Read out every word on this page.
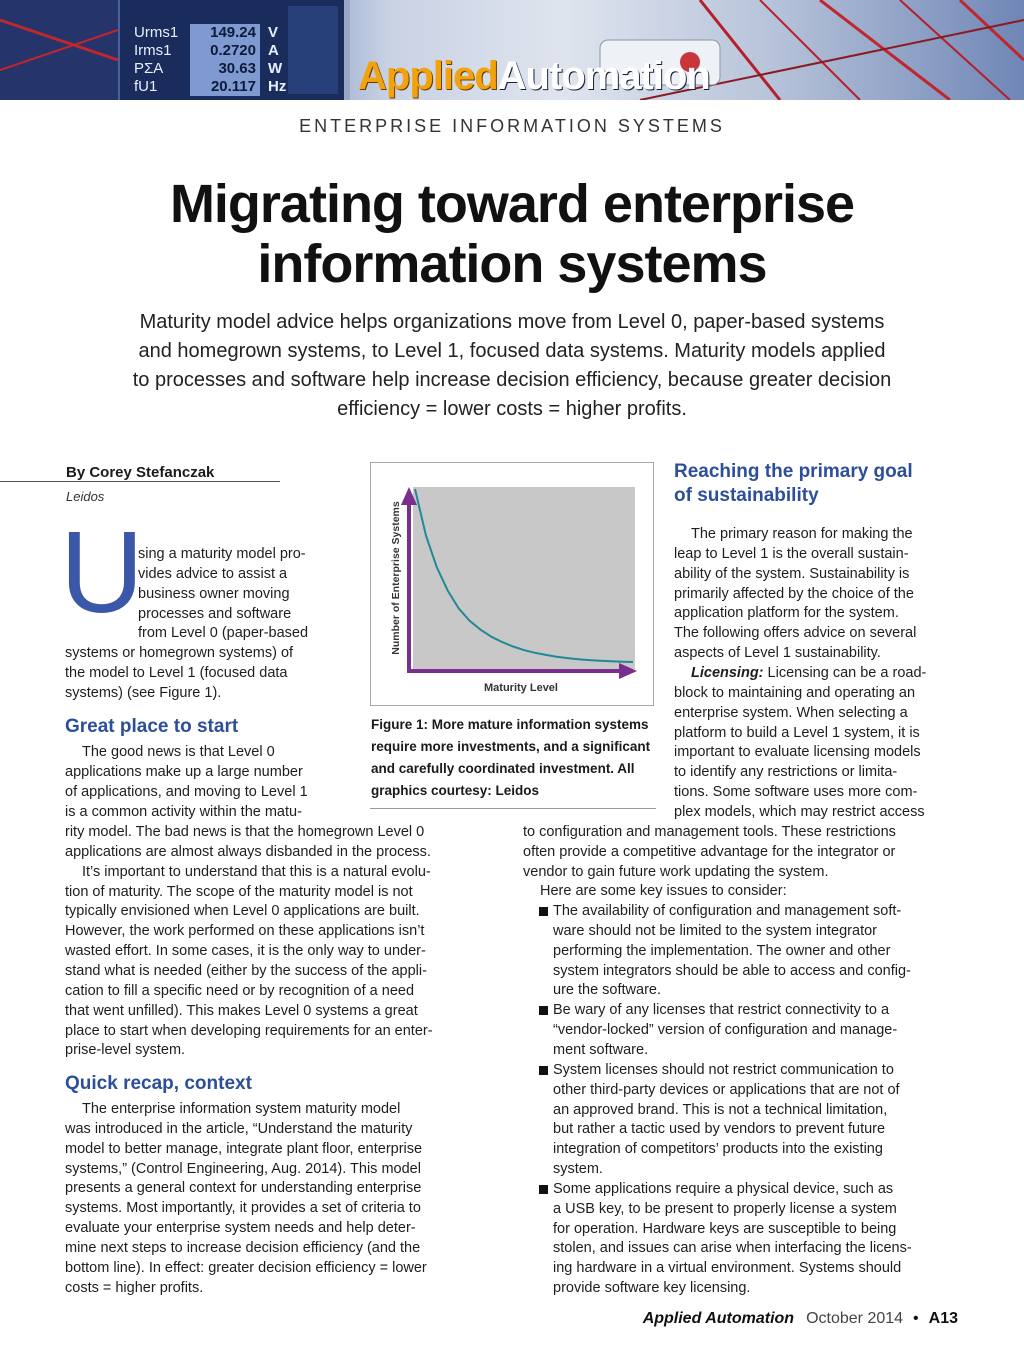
Urms1	149.24 V
Irms1	0.2720 A
PΣA	30.63 W
fU1	20.117 Hz AppliedAutomation
ENTERPRISE INFORMATION SYSTEMS
Migrating toward enterprise
information systems
Maturity model advice helps organizations move from Level 0, paper-based systems
and homegrown systems, to Level 1, focused data systems. Maturity models applied
to processes and software help increase decision efficiency, because greater decision
efficiency = lower costs = higher profits.
By Corey Stefanczak
Leidos
U
sing a maturity model pro-
vides advice to assist a
business owner moving
processes and software
from Level 0 (paper-based
systems or homegrown systems) of
the model to Level 1 (focused data
systems) (see Figure 1).
Great place to start
The good news is that Level 0
applications make up a large number
of applications, and moving to Level 1
is a common activity within the matu-
rity model. The bad news is that the homegrown Level 0
applications are almost always disbanded in the process.
It’s important to understand that this is a natural evolu-
tion of maturity. The scope of the maturity model is not
typically envisioned when Level 0 applications are built.
However, the work performed on these applications isn’t
wasted effort. In some cases, it is the only way to under-
stand what is needed (either by the success of the appli-
cation to fill a specific need or by recognition of a need
that went unfilled). This makes Level 0 systems a great
place to start when developing requirements for an enter-
prise-level system.
Quick recap, context
The enterprise information system maturity model
was introduced in the article, “Understand the maturity
model to better manage, integrate plant floor, enterprise
systems,” (Control Engineering, Aug. 2014). This model
presents a general context for understanding enterprise
systems. Most importantly, it provides a set of criteria to
evaluate your enterprise system needs and help deter-
mine next steps to increase decision efficiency (and the
bottom line). In effect: greater decision efficiency = lower
costs = higher profits.
Reaching the primary goal
of sustainability
The primary reason for making the
leap to Level 1 is the overall sustain-
ability of the system. Sustainability is
primarily affected by the choice of the
application platform for the system.
The following offers advice on several
aspects of Level 1 sustainability.
Licensing: Licensing can be a road-
block to maintaining and operating an
enterprise system. When selecting a
platform to build a Level 1 system, it is
important to evaluate licensing models
to identify any restrictions or limita-
tions. Some software uses more com-
plex models, which may restrict access
to configuration and management tools. These restrictions
often provide a competitive advantage for the integrator or
vendor to gain future work updating the system.
Here are some key issues to consider:
The availability of configuration and management soft-
ware should not be limited to the system integrator
performing the implementation. The owner and other
system integrators should be able to access and config-
ure the software.
Be wary of any licenses that restrict connectivity to a
“vendor-locked” version of configuration and manage-
ment software.
System licenses should not restrict communication to
other third-party devices or applications that are not of
an approved brand. This is not a technical limitation,
but rather a tactic used by vendors to prevent future
integration of competitors’ products into the existing
system.
Some applications require a physical device, such as
a USB key, to be present to properly license a system
for operation. Hardware keys are susceptible to being
stolen, and issues can arise when interfacing the licens-
ing hardware in a virtual environment. Systems should
provide software key licensing.
Number of Enterprise Systems
Maturity Level
Figure 1: More mature information systems require more investments, and a significant and carefully coordinated investment. All graphics courtesy: Leidos
Applied Automation October 2014 • A13
